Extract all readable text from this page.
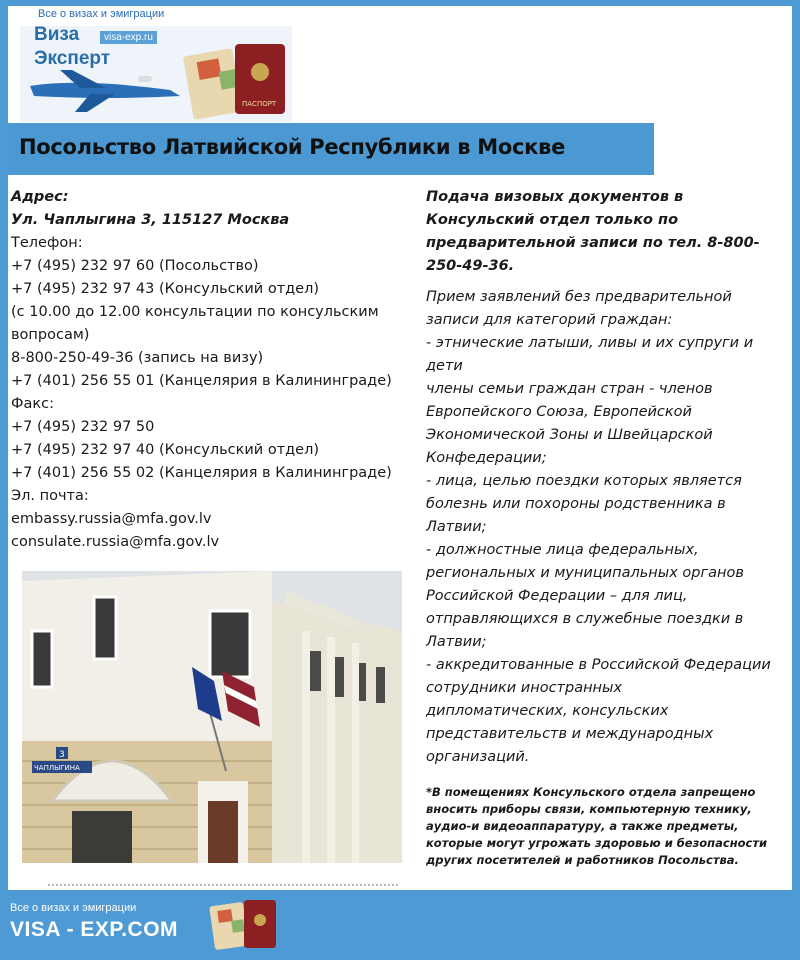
ПАСПОРТ
Все о визах и эмиграции
Виза
Эксперт
visa-exp.ru
Посольство Латвийской Республики в Москве
Адрес:
Ул. Чаплыгина 3, 115127 Москва
Телефон:
+7 (495) 232 97 60 (Посольство)
+7 (495) 232 97 43 (Консульский отдел)
(с 10.00 до 12.00 консультации по консульским
вопросам)
8-800-250-49-36 (запись на визу)
+7 (401) 256 55 01 (Канцелярия в Калининграде)
Факс:
+7 (495) 232 97 50
+7 (495) 232 97 40 (Консульский отдел)
+7 (401) 256 55 02 (Канцелярия в Калининграде)
Эл. почта:
embassy.russia@mfa.gov.lv
consulate.russia@mfa.gov.lv
Подача визовых документов в Консульский отдел только по предварительной записи по тел. 8-800-250-49-36.
Прием заявлений без предварительной
записи для категорий граждан:
- этнические латыши, ливы и их супруги и
дети
члены семьи граждан стран - членов
Европейского Союза, Европейской
Экономической Зоны и Швейцарской
Конфедерации;
- лица, целью поездки которых является
болезнь или похороны родственника в
Латвии;
- должностные лица федеральных,
региональных и муниципальных органов
Российской Федерации – для лиц,
отправляющихся в служебные поездки в
Латвии;
- аккредитованные в Российской Федерации
сотрудники иностранных
дипломатических, консульских
представительств и международных
организаций.
*В помещениях Консульского отдела запрещено
вносить приборы связи, компьютерную технику,
аудио-и видеоаппаратуру, а также предметы,
которые могут угрожать здоровью и безопасности
других посетителей и работников Посольства.
3
ЧАПЛЫГИНА
Все о визах и эмиграции
VISA - EXP.COM
